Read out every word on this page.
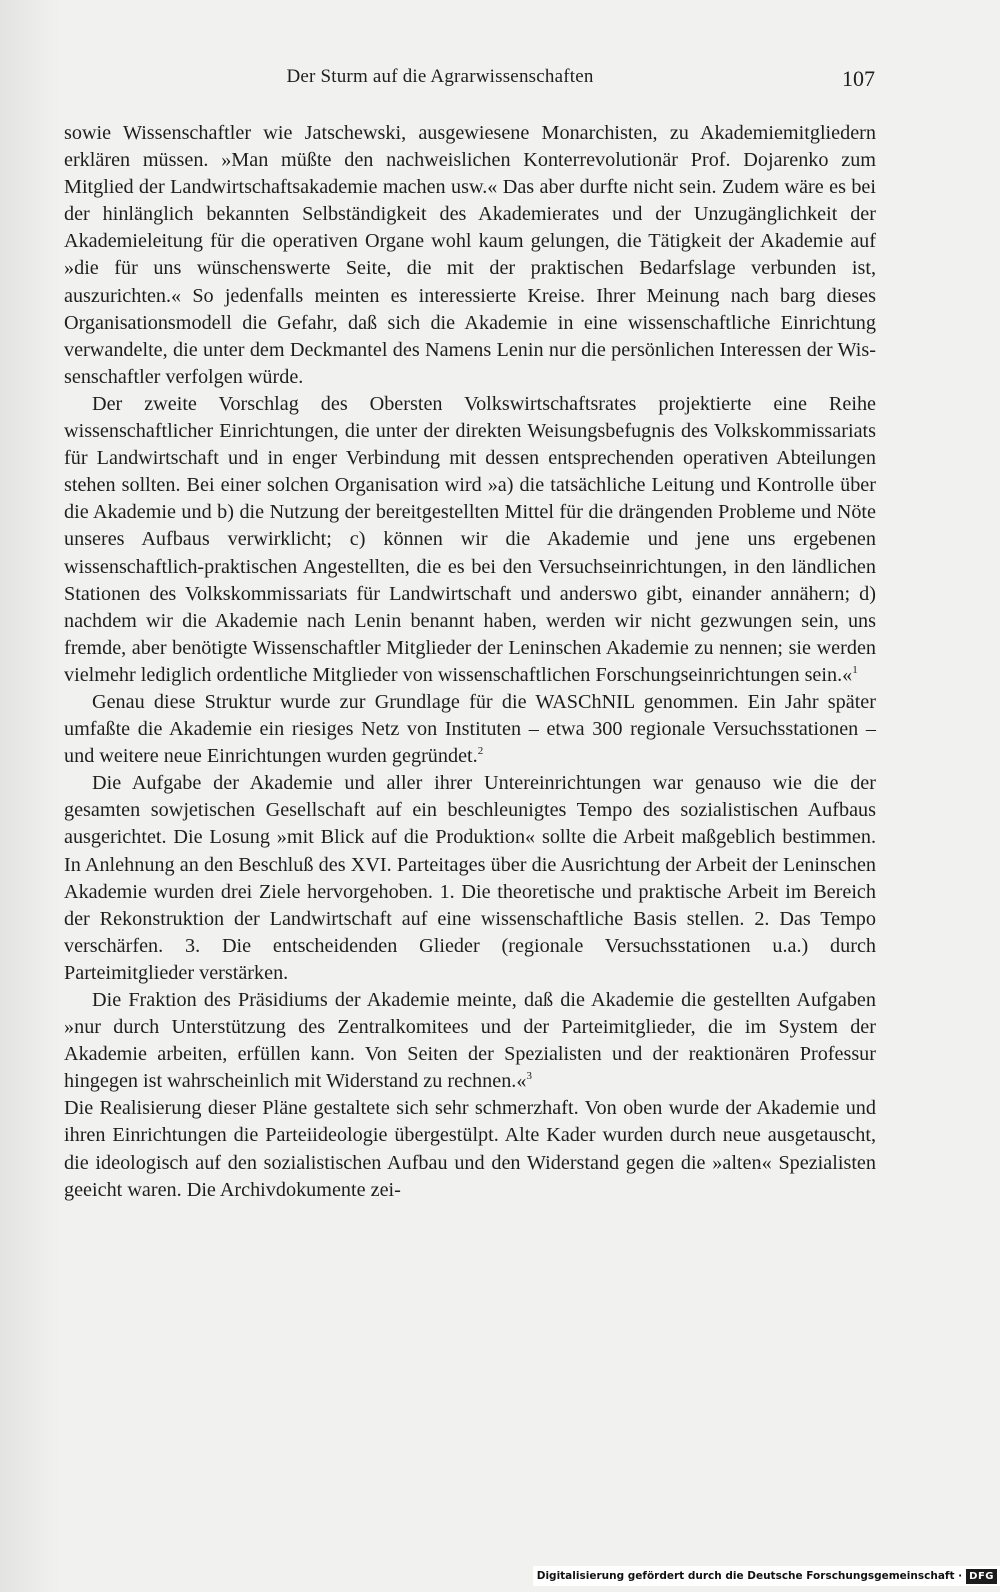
Der Sturm auf die Agrarwissenschaften	107

sowie Wissenschaftler wie Jatschewski, ausgewiesene Monarchisten, zu Akademiemitgliedern erklären müssen. »Man müßte den nachweislichen Konterrevolutionär Prof. Dojarenko zum Mitglied der Landwirtschaftsakademie machen usw.« Das aber durfte nicht sein. Zudem wäre es bei der hinlänglich bekannten Selbständigkeit des Akademierates und der Unzugänglichkeit der Akademieleitung für die operativen Organe wohl kaum gelungen, die Tätigkeit der Akademie auf »die für uns wünschenswerte Seite, die mit der praktischen Bedarfslage verbunden ist, auszurichten.« So jedenfalls meinten es interessierte Kreise. Ihrer Meinung nach barg dieses Organisationsmodell die Gefahr, daß sich die Akademie in eine wissenschaftliche Einrichtung verwandelte, die unter dem Deckmantel des Namens Lenin nur die persönlichen Interessen der Wissenschaftler verfolgen würde.

Der zweite Vorschlag des Obersten Volkswirtschaftsrates projektierte eine Reihe wissenschaftlicher Einrichtungen, die unter der direkten Weisungsbefugnis des Volkskommissariats für Landwirtschaft und in enger Verbindung mit dessen entsprechenden operativen Abteilungen stehen sollten. Bei einer solchen Organisation wird »a) die tatsächliche Leitung und Kontrolle über die Akademie und b) die Nutzung der bereitgestellten Mittel für die drängenden Probleme und Nöte unseres Aufbaus verwirklicht; c) können wir die Akademie und jene uns ergebenen wissenschaftlich-praktischen Angestellten, die es bei den Versuchseinrichtungen, in den ländlichen Stationen des Volkskommissariats für Landwirtschaft und anderswo gibt, einander annähern; d) nachdem wir die Akademie nach Lenin benannt haben, werden wir nicht gezwungen sein, uns fremde, aber benötigte Wissenschaftler Mitglieder der Leninschen Akademie zu nennen; sie werden vielmehr lediglich ordentliche Mitglieder von wissenschaftlichen Forschungseinrichtungen sein.«$^1$

Genau diese Struktur wurde zur Grundlage für die WASChNIL genommen. Ein Jahr später umfaßte die Akademie ein riesiges Netz von Instituten – etwa 300 regionale Versuchsstationen – und weitere neue Einrichtungen wurden gegründet.$^2$

Die Aufgabe der Akademie und aller ihrer Untereinrichtungen war genauso wie die der gesamten sowjetischen Gesellschaft auf ein beschleunigtes Tempo des sozialistischen Aufbaus ausgerichtet. Die Losung »mit Blick auf die Produktion« sollte die Arbeit maßgeblich bestimmen. In Anlehnung an den Beschluß des XVI. Parteitages über die Ausrichtung der Arbeit der Leninschen Akademie wurden drei Ziele hervorgehoben. 1. Die theoretische und praktische Arbeit im Bereich der Rekonstruktion der Landwirtschaft auf eine wissenschaftliche Basis stellen. 2. Das Tempo verschärfen. 3. Die entscheidenden Glieder (regionale Versuchsstationen u.a.) durch Parteimitglieder verstärken.

Die Fraktion des Präsidiums der Akademie meinte, daß die Akademie die gestellten Aufgaben »nur durch Unterstützung des Zentralkomitees und der Parteimitglieder, die im System der Akademie arbeiten, erfüllen kann. Von Seiten der Spezialisten und der reaktionären Professur hingegen ist wahrscheinlich mit Widerstand zu rechnen.«$^3$

Die Realisierung dieser Pläne gestaltete sich sehr schmerzhaft. Von oben wurde der Akademie und ihren Einrichtungen die Parteiideologie übergestülpt. Alte Kader wurden durch neue ausgetauscht, die ideologisch auf den sozialistischen Aufbau und den Widerstand gegen die »alten« Spezialisten geeicht waren. Die Archivdokumente zei-

Digitalisierung gefördert durch die Deutsche Forschungsgemeinschaft · DFG
